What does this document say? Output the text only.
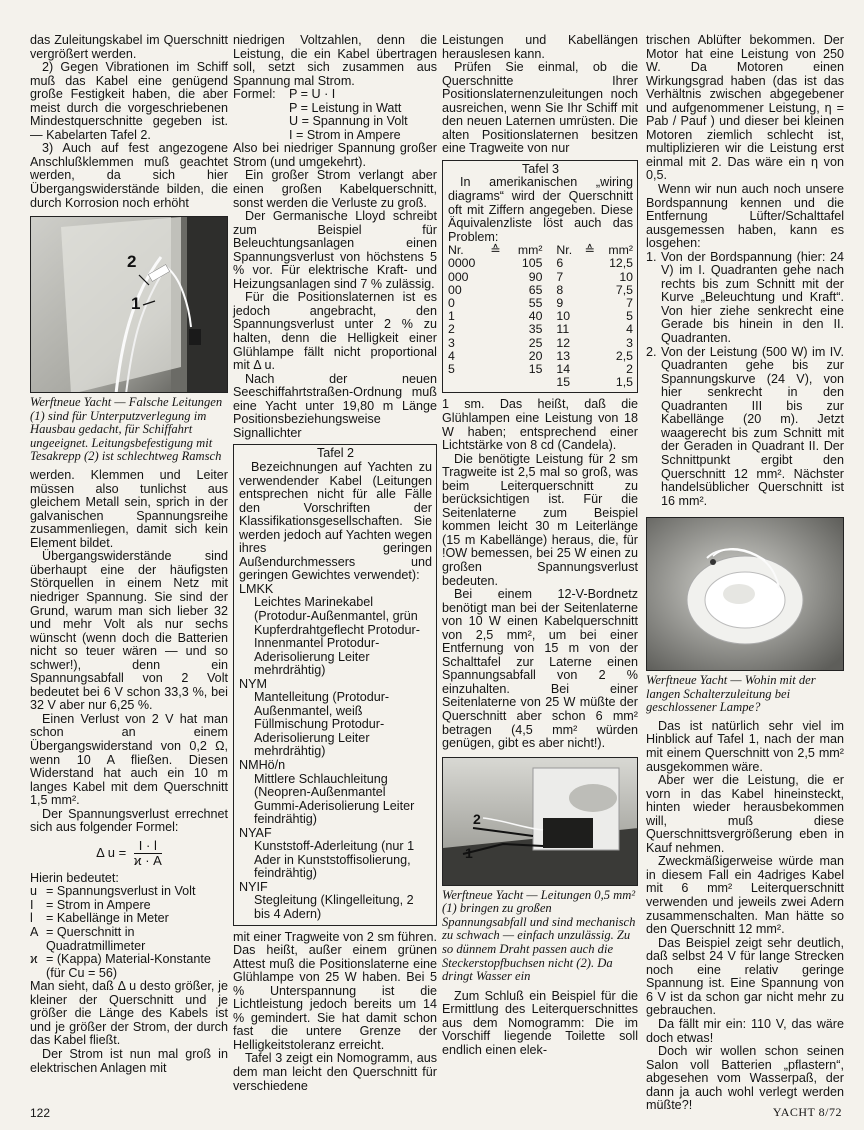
das Zuleitungskabel im Querschnitt vergrößert werden.

2) Gegen Vibrationen im Schiff muß das Kabel eine genügend große Festigkeit haben, die aber meist durch die vorgeschriebenen Mindestquerschnitte gegeben ist. — Kabelarten Tafel 2.

3) Auch auf fest angezogene Anschlußklemmen muß geachtet werden, da sich hier Übergangswiderstände bilden, die durch Korrosion noch erhöht

2
1
Werftneue Yacht — Falsche Leitungen (1) sind für Unterputzverlegung im Hausbau gedacht, für Schiffahrt ungeeignet. Leitungsbefestigung mit Tesakrepp (2) ist schlechtweg Ramsch

werden. Klemmen und Leiter müssen also tunlichst aus gleichem Metall sein, sprich in der galvanischen Spannungsreihe zusammenliegen, damit sich kein Element bildet.

Übergangswiderstände sind überhaupt eine der häufigsten Störquellen in einem Netz mit niedriger Spannung. Sie sind der Grund, warum man sich lieber 32 und mehr Volt als nur sechs wünscht (wenn doch die Batterien nicht so teuer wären — und so schwer!), denn ein Spannungsabfall von 2 Volt bedeutet bei 6 V schon 33,3 %, bei 32 V aber nur 6,25 %.

Einen Verlust von 2 V hat man schon an einem Übergangswiderstand von 0,2 Ω, wenn 10 A fließen. Diesen Widerstand hat auch ein 10 m langes Kabel mit dem Querschnitt 1,5 mm².

Der Spannungsverlust errechnet sich aus folgender Formel:

Δ $u = \frac{I \cdot l}{ϰ \cdot A}$

Hierin bedeutet:

u = Spannungsverlust in Volt
I = Strom in Ampere
l	= Kabellänge in Meter
A = Querschnitt in Quadratmillimeter
ϰ = (Kappa) Material-Konstante (für Cu = 56)

Man sieht, daß Δ u desto größer, je kleiner der Querschnitt und je größer die Länge des Kabels ist und je größer der Strom, der durch das Kabel fließt.

Der Strom ist nun mal groß in elektrischen Anlagen mit

niedrigen Voltzahlen, denn die Leistung, die ein Kabel übertragen soll, setzt sich zusammen aus Spannung mal Strom.

Formel:	P = U · I
P = Leistung in Watt
U = Spannung in Volt
I = Strom in Ampere

Also bei niedriger Spannung großer Strom (und umgekehrt).

Ein großer Strom verlangt aber einen großen Kabelquerschnitt, sonst werden die Verluste zu groß.

Der Germanische Lloyd schreibt zum Beispiel für Beleuchtungsanlagen einen Spannungsverlust von höchstens 5 % vor. Für elektrische Kraft- und Heizungsanlagen sind 7 % zulässig.

Für die Positionslaternen ist es jedoch angebracht, den Spannungsverlust unter 2 % zu halten, denn die Helligkeit einer Glühlampe fällt nicht proportional mit Δ u.

Nach der neuen Seeschiffahrtstraßen-Ordnung muß eine Yacht unter 19,80 m Länge Positionsbeziehungsweise Signallichter

Tafel 2

Bezeichnungen auf Yachten zu verwendender Kabel (Leitungen entsprechen nicht für alle Fälle den Vorschriften der Klassifikationsgesellschaften. Sie werden jedoch auf Yachten wegen ihres geringen Außendurchmessers und geringen Gewichtes verwendet):

LMKK
Leichtes Marinekabel (Protodur-Außenmantel, grün Kupferdrahtgeflecht Protodur-Innenmantel Protodur-Aderisolierung Leiter mehrdrähtig)
NYM
Mantelleitung (Protodur-Außenmantel, weiß Füllmischung Protodur-Aderisolierung Leiter mehrdrähtig)
NMHö/n
Mittlere Schlauchleitung (Neopren-Außenmantel Gummi-Aderisolierung Leiter feindrähtig)
NYAF
Kunststoff-Aderleitung (nur 1 Ader in Kunststoffisolierung, feindrähtig)
NYIF
Stegleitung (Klingelleitung, 2 bis 4 Adern)

mit einer Tragweite von 2 sm führen. Das heißt, außer einem grünen Attest muß die Positionslaterne eine Glühlampe von 25 W haben. Bei 5 % Unterspannung ist die Lichtleistung jedoch bereits um 14 % gemindert. Sie hat damit schon fast die untere Grenze der Helligkeitstoleranz erreicht.

Tafel 3 zeigt ein Nomogramm, aus dem man leicht den Querschnitt für verschiedene

Leistungen und Kabellängen herauslesen kann.

Prüfen Sie einmal, ob die Querschnitte Ihrer Positionslaternenzuleitungen noch ausreichen, wenn Sie Ihr Schiff mit den neuen Laternen umrüsten. Die alten Positionslaternen besitzen eine Tragweite von nur

Tafel 3

In amerikanischen „wiring diagrams“ wird der Querschnitt oft mit Ziffern angegeben. Diese Äquivalenzliste löst auch das Problem:

Nr.	≙	mm²	Nr.	≙	mm²
0000		105	6		12,5
000		90	7		10
00		65	8		7,5
0		55	9		7
1		40	10		5
2		35	11		4
3		25	12		3
4		20	13		2,5
5		15	14		2
			15		1,5

1 sm. Das heißt, daß die Glühlampen eine Leistung von 18 W haben; entsprechend einer Lichtstärke von 8 cd (Candela).

Die benötigte Leistung für 2 sm Tragweite ist 2,5 mal so groß, was beim Leiterquerschnitt zu berücksichtigen ist. Für die Seitenlaterne zum Beispiel kommen leicht 30 m Leiterlänge (15 m Kabellänge) heraus, die, für !OW bemessen, bei 25 W einen zu großen Spannungsverlust bedeuten.

Bei einem 12-V-Bordnetz benötigt man bei der Seitenlaterne von 10 W einen Kabelquerschnitt von 2,5 mm², um bei einer Entfernung von 15 m von der Schalttafel zur Laterne einen Spannungsabfall von 2 % einzuhalten. Bei einer Seitenlaterne von 25 W müßte der Querschnitt aber schon 6 mm² betragen (4,5 mm² würden genügen, gibt es aber nicht!).

2
1
Werftneue Yacht — Leitungen 0,5 mm² (1) bringen zu großen Spannungsabfall und sind mechanisch zu schwach — einfach unzulässig. Zu so dünnem Draht passen auch die Steckerstopfbuchsen nicht (2). Da dringt Wasser ein

Zum Schluß ein Beispiel für die Ermittlung des Leiterquerschnittes aus dem Nomogramm: Die im Vorschiff liegende Toilette soll endlich einen elek-

trischen Ablüfter bekommen. Der Motor hat eine Leistung von 250 W. Da Motoren einen Wirkungsgrad haben (das ist das Verhältnis zwischen abgegebener und aufgenommener Leistung, η = Pab / Pauf ) und dieser bei kleinen Motoren ziemlich schlecht ist, multiplizieren wir die Leistung erst einmal mit 2. Das wäre ein η von 0,5.

Wenn wir nun auch noch unsere Bordspannung kennen und die Entfernung Lüfter/Schalttafel ausgemessen haben, kann es losgehen:

1. Von der Bordspannung (hier: 24 V) im I. Quadranten gehe nach rechts bis zum Schnitt mit der Kurve „Beleuchtung und Kraft“. Von hier ziehe senkrecht eine Gerade bis hinein in den II. Quadranten.
2. Von der Leistung (500 W) im IV. Quadranten gehe bis zur Spannungskurve (24 V), von hier senkrecht in den Quadranten III bis zur Kabellänge (20 m). Jetzt waagerecht bis zum Schnitt mit der Geraden in Quadrant II. Der Schnittpunkt ergibt den Querschnitt 12 mm². Nächster handelsüblicher Querschnitt ist 16 mm².
Werftneue Yacht — Wohin mit der langen Schalterzuleitung bei geschlossener Lampe?

Das ist natürlich sehr viel im Hinblick auf Tafel 1, nach der man mit einem Querschnitt von 2,5 mm² ausgekommen wäre.

Aber wer die Leistung, die er vorn in das Kabel hineinsteckt, hinten wieder herausbekommen will, muß diese Querschnittsvergrößerung eben in Kauf nehmen.

Zweckmäßigerweise würde man in diesem Fall ein 4adriges Kabel mit 6 mm² Leiterquerschnitt verwenden und jeweils zwei Adern zusammenschalten. Man hätte so den Querschnitt 12 mm².

Das Beispiel zeigt sehr deutlich, daß selbst 24 V für lange Strecken noch eine relativ geringe Spannung ist. Eine Spannung von 6 V ist da schon gar nicht mehr zu gebrauchen.

Da fällt mir ein: 110 V, das wäre doch etwas!

Doch wir wollen schon seinen Salon voll Batterien „pflastern“, abgesehen vom Wasserpaß, der dann ja auch wohl verlegt werden müßte?!

122	YACHT 8/72
